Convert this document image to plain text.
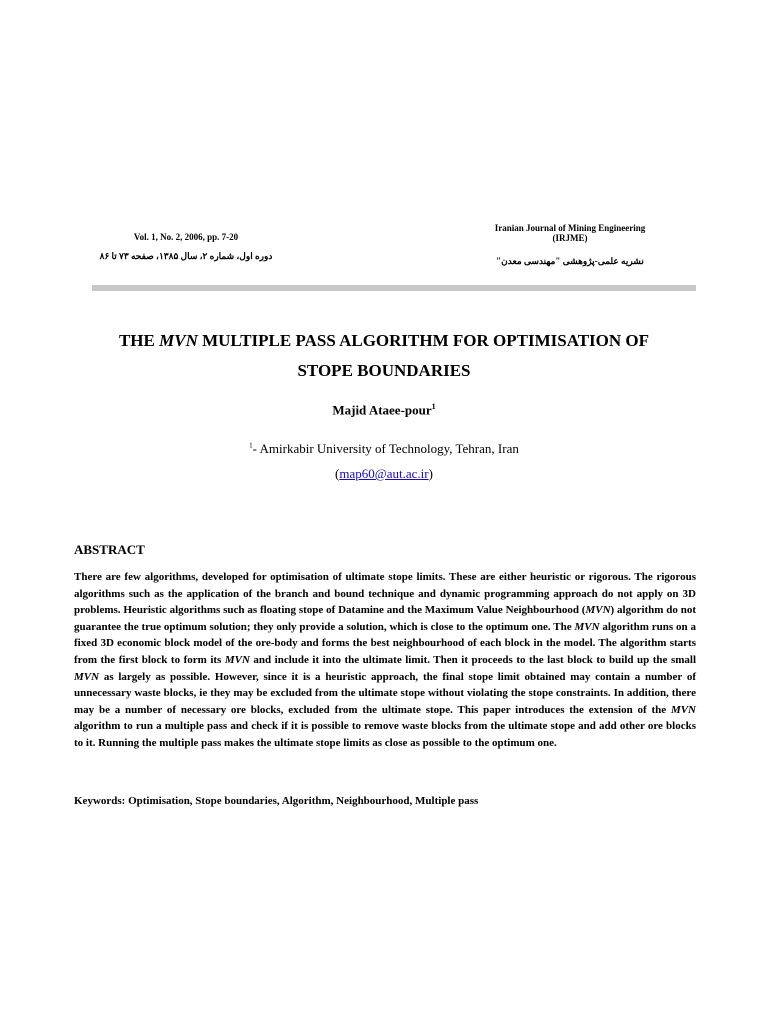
Vol. 1, No. 2, 2006, pp. 7-20
دوره اول، شماره ۲، سال ۱۳۸۵، صفحه ۷۳ تا ۸۶
Iranian Journal of Mining Engineering
(IRJME)
نشریه علمی-پژوهشی "مهندسی معدن"
THE MVN MULTIPLE PASS ALGORITHM FOR OPTIMISATION OF
STOPE BOUNDARIES
Majid Ataee-pour$^1$
$^1$- Amirkabir University of Technology, Tehran, Iran
(map60@aut.ac.ir)
ABSTRACT
There are few algorithms, developed for optimisation of ultimate stope limits. These are either heuristic or rigorous. The rigorous algorithms such as the application of the branch and bound technique and dynamic programming approach do not apply on 3D problems. Heuristic algorithms such as floating stope of Datamine and the Maximum Value Neighbourhood (MVN) algorithm do not guarantee the true optimum solution; they only provide a solution, which is close to the optimum one. The MVN algorithm runs on a fixed 3D economic block model of the ore-body and forms the best neighbourhood of each block in the model. The algorithm starts from the first block to form its MVN and include it into the ultimate limit. Then it proceeds to the last block to build up the small MVN as largely as possible. However, since it is a heuristic approach, the final stope limit obtained may contain a number of unnecessary waste blocks, ie they may be excluded from the ultimate stope without violating the stope constraints. In addition, there may be a number of necessary ore blocks, excluded from the ultimate stope. This paper introduces the extension of the MVN algorithm to run a multiple pass and check if it is possible to remove waste blocks from the ultimate stope and add other ore blocks to it. Running the multiple pass makes the ultimate stope limits as close as possible to the optimum one.
Keywords: Optimisation, Stope boundaries, Algorithm, Neighbourhood, Multiple pass
